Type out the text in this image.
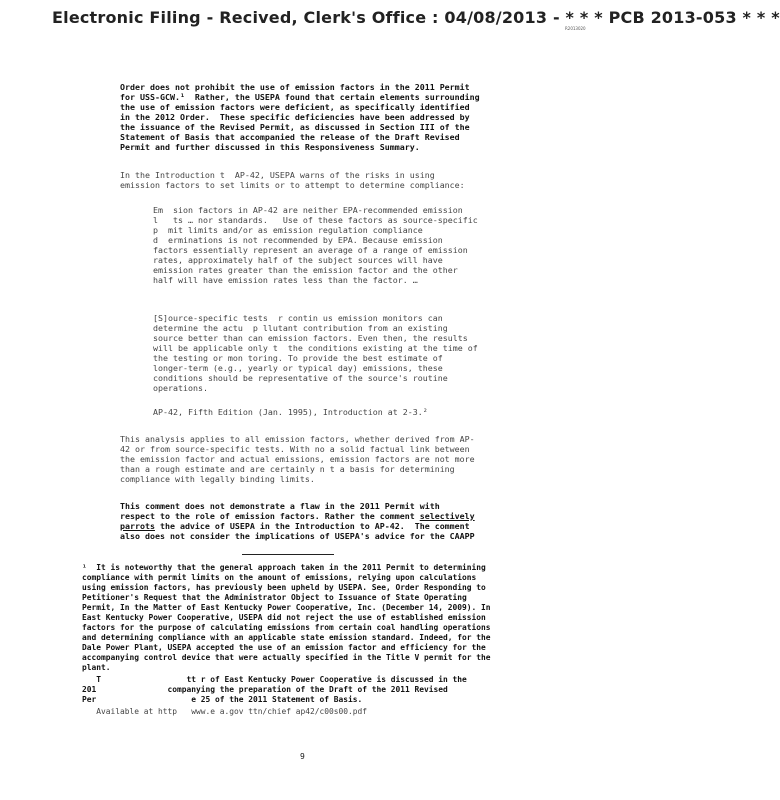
Electronic Filing - Recived, Clerk's Office : 04/08/2013 - * * * PCB 2013-053 * * *
R2013020

Order does not prohibit the use of emission factors in the 2011 Permit

for USS-GCW.¹  Rather, the USEPA found that certain elements surrounding

the use of emission factors were deficient, as specifically identified

in the 2012 Order.  These specific deficiencies have been addressed by

the issuance of the Revised Permit, as discussed in Section III of the

Statement of Basis that accompanied the release of the Draft Revised

Permit and further discussed in this Responsiveness Summary.

In the Introduction t  AP-42, USEPA warns of the risks in using

emission factors to set limits or to attempt to determine compliance:

Em  sion factors in AP-42 are neither EPA-recommended emission

l   ts … nor standards.   Use of these factors as source-specific

p  mit limits and/or as emission regulation compliance

d  erminations is not recommended by EPA. Because emission

factors essentially represent an average of a range of emission

rates, approximately half of the subject sources will have

emission rates greater than the emission factor and the other

half will have emission rates less than the factor. …

[S]ource-specific tests  r contin us emission monitors can

determine the actu  p llutant contribution from an existing

source better than can emission factors. Even then, the results

will be applicable only t  the conditions existing at the time of

the testing or mon toring. To provide the best estimate of

longer-term (e.g., yearly or typical day) emissions, these

conditions should be representative of the source's routine

operations.

AP-42, Fifth Edition (Jan. 1995), Introduction at 2-3.²

This analysis applies to all emission factors, whether derived from AP-

42 or from source-specific tests. With no a solid factual link between

the emission factor and actual emissions, emission factors are not more

than a rough estimate and are certainly n t a basis for determining

compliance with legally binding limits.

This comment does not demonstrate a flaw in the 2011 Permit with

respect to the role of emission factors. Rather the comment selectively

parrots the advice of USEPA in the Introduction to AP-42.  The comment

also does not consider the implications of USEPA's advice for the CAAPP

¹  It is noteworthy that the general approach taken in the 2011 Permit to determining

compliance with permit limits on the amount of emissions, relying upon calculations

using emission factors, has previously been upheld by USEPA. See, Order Responding to

Petitioner's Request that the Administrator Object to Issuance of State Operating

Permit, In the Matter of East Kentucky Power Cooperative, Inc. (December 14, 2009). In

East Kentucky Power Cooperative, USEPA did not reject the use of established emission

factors for the purpose of calculating emissions from certain coal handling operations

and determining compliance with an applicable state emission standard. Indeed, for the

Dale Power Plant, USEPA accepted the use of an emission factor and efficiency for the

accompanying control device that were actually specified in the Title V permit for the

plant.

T                  tt r of East Kentucky Power Cooperative is discussed in the

201               companying the preparation of the Draft of the 2011 Revised

Per                    e 25 of the 2011 Statement of Basis.

Available at http   www.e a.gov ttn/chief ap42/c00s00.pdf

9
